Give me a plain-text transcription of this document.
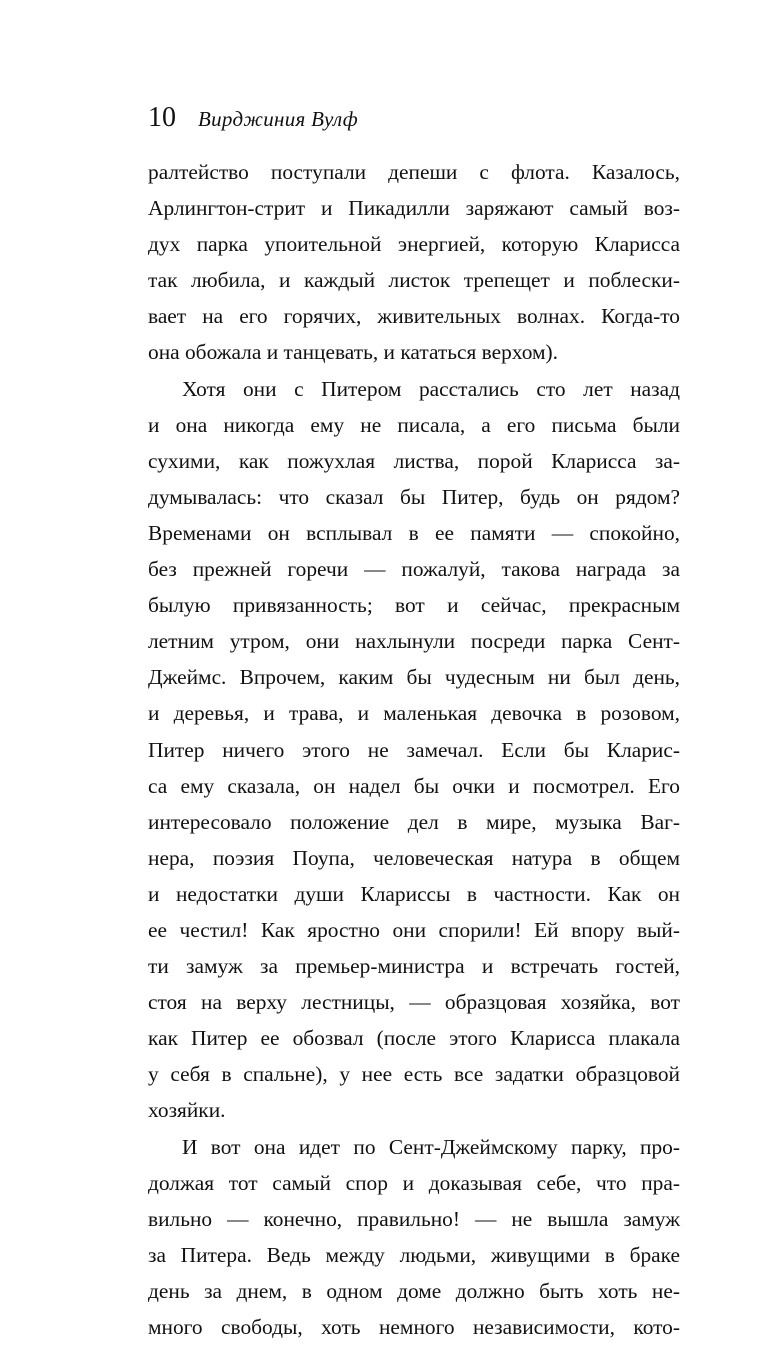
10 Вирджиния Вулф
ралтейство поступали депеши с флота. Казалось,
Арлингтон-стрит и Пикадилли заряжают самый воз-
дух парка упоительной энергией, которую Кларисса
так любила, и каждый листок трепещет и поблески-
вает на его горячих, живительных волнах. Когда-то
она обожала и танцевать, и кататься верхом).
Хотя они с Питером расстались сто лет назад
и она никогда ему не писала, а его письма были
сухими, как пожухлая листва, порой Кларисса за-
думывалась: что сказал бы Питер, будь он рядом?
Временами он всплывал в ее памяти — спокойно,
без прежней горечи — пожалуй, такова награда за
былую привязанность; вот и сейчас, прекрасным
летним утром, они нахлынули посреди парка Сент-
Джеймс. Впрочем, каким бы чудесным ни был день,
и деревья, и трава, и маленькая девочка в розовом,
Питер ничего этого не замечал. Если бы Кларис-
са ему сказала, он надел бы очки и посмотрел. Его
интересовало положение дел в мире, музыка Ваг-
нера, поэзия Поупа, человеческая натура в общем
и недостатки души Клариссы в частности. Как он
ее честил! Как яростно они спорили! Ей впору вый-
ти замуж за премьер-министра и встречать гостей,
стоя на верху лестницы, — образцовая хозяйка, вот
как Питер ее обозвал (после этого Кларисса плакала
у себя в спальне), у нее есть все задатки образцовой
хозяйки.
И вот она идет по Сент-Джеймскому парку, про-
должая тот самый спор и доказывая себе, что пра-
вильно — конечно, правильно! — не вышла замуж
за Питера. Ведь между людьми, живущими в браке
день за днем, в одном доме должно быть хоть не-
много свободы, хоть немного независимости, кото-
